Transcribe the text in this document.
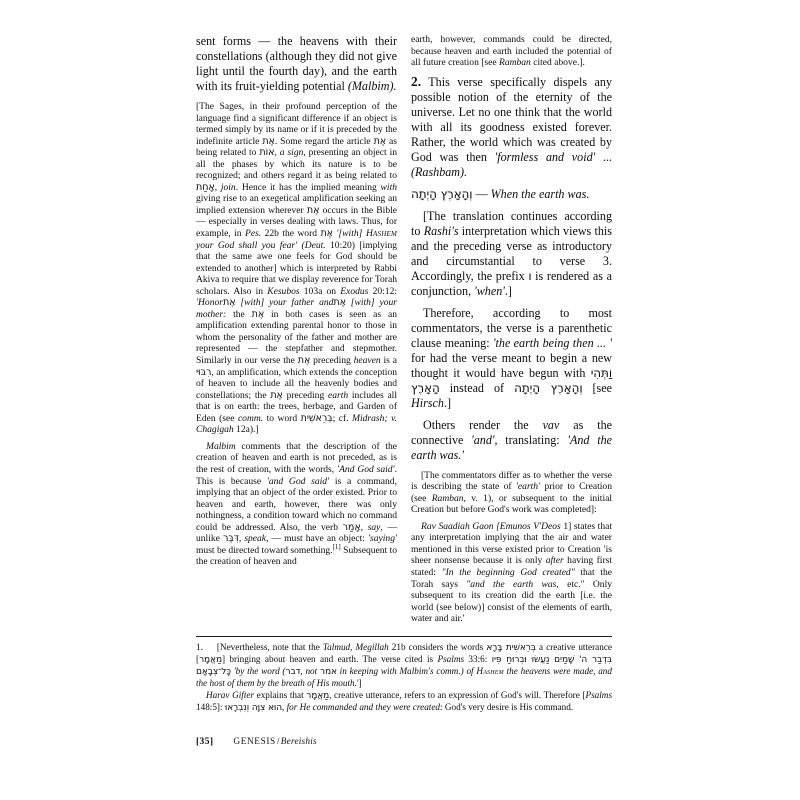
sent forms — the heavens with their constellations (although they did not give light until the fourth day), and the earth with its fruit-yielding potential (Malbim).

[The Sages, in their profound perception of the language find a significant difference if an object is termed simply by its name or if it is preceded by the indefinite article אֶת. Some regard the article אֶת as being related to אוֹת, a sign, presenting an object in all the phases by which its nature is to be recognized; and others regard it as being related to אָחַת, join. Hence it has the implied meaning with giving rise to an exegetical amplification seeking an implied extension wherever אֶת occurs in the Bible — especially in verses dealing with laws. Thus, for example, in Pes. 22b the word אֶת '[with] Hashem your God shall you fear' (Deut. 10:20) [implying that the same awe one feels for God should be extended to another] which is interpreted by Rabbi Akiva to require that we display reverence for Torah scholars. Also in Kesubos 103a on Exodus 20:12: 'Honorאֶת [with] your father andאֶת [with] your mother: the אֶת in both cases is seen as an amplification extending parental honor to those in whom the personality of the father and mother are represented — the stepfather and stepmother. Similarly in our verse the אֶת preceding heaven is a רִבּוּי, an amplification, which extends the conception of heaven to include all the heavenly bodies and constellations; the אֶת preceding earth includes all that is on earth: the trees, herbage, and Garden of Eden (see comm. to word בְּרֵאשִׁית; cf. Midrash; v. Chagigah 12a).]

Malbim comments that the description of the creation of heaven and earth is not preceded, as is the rest of creation, with the words, 'And God said'. This is because 'and God said' is a command, implying that an object of the order existed. Prior to heaven and earth, however, there was only nothingness, a condition toward which no command could be addressed. Also, the verb אָמַר, say, — unlike דִּבֶּר, speak, — must have an object: 'saying' must be directed toward something.[1] Subsequent to the creation of heaven and

earth, however, commands could be directed, because heaven and earth included the potential of all future creation [see Ramban cited above.].

2. This verse specifically dispels any possible notion of the eternity of the universe. Let no one think that the world with all its goodness existed forever. Rather, the world which was created by God was then 'formless and void' ... (Rashbam).

וְהָאָרֶץ הָיְתָה — When the earth was.

[The translation continues according to Rashi's interpretation which views this and the preceding verse as introductory and circumstantial to verse 3. Accordingly, the prefix ו is rendered as a conjunction, 'when'.]

Therefore, according to most commentators, the verse is a parenthetic clause meaning: 'the earth being then ... ' for had the verse meant to begin a new thought it would have begun with וַתְּהִי הָאָרֶץ instead of וְהָאָרֶץ הָיְתָה [see Hirsch.]

Others render the vav as the connective 'and', translating: 'And the earth was.'

[The commentators differ as to whether the verse is describing the state of 'earth' prior to Creation (see Ramban, v. 1), or subsequent to the initial Creation but before God's work was completed]:

Rav Saadiah Gaon [Emunos V'Deos 1] states that any interpretation implying that the air and water mentioned in this verse existed prior to Creation 'is sheer nonsense because it is only after having first stated: "In the beginning God created" that the Torah says "and the earth was, etc." Only subsequent to its creation did the earth [i.e. the world (see below)] consist of the elements of earth, water and air.'

1. [Nevertheless, note that the Talmud, Megillah 21b considers the words בְּרֵאשִׁית בָּרָא a creative utterance [מַאֲמָר] bringing about heaven and earth. The verse cited is Psalms 33:6: בִּדְבַר ה' שָׁמַיִם נַעֲשׂוּ וּבְרוּחַ פִּיו כָּל־צְבָאָם 'by the word (דבר, not אמר in keeping with Malbim's comm.) of Hashem the heavens were made, and the host of them by the breath of His mouth.']

Harav Gifter explains that מַאֲמָר, creative utterance, refers to an expression of God's will. Therefore [Psalms 148:5]: הוּא צִוָּה וְנִבְרָאוּ, for He commanded and they were created: God's very desire is His command.

[35] GENESIS/Bereishis
